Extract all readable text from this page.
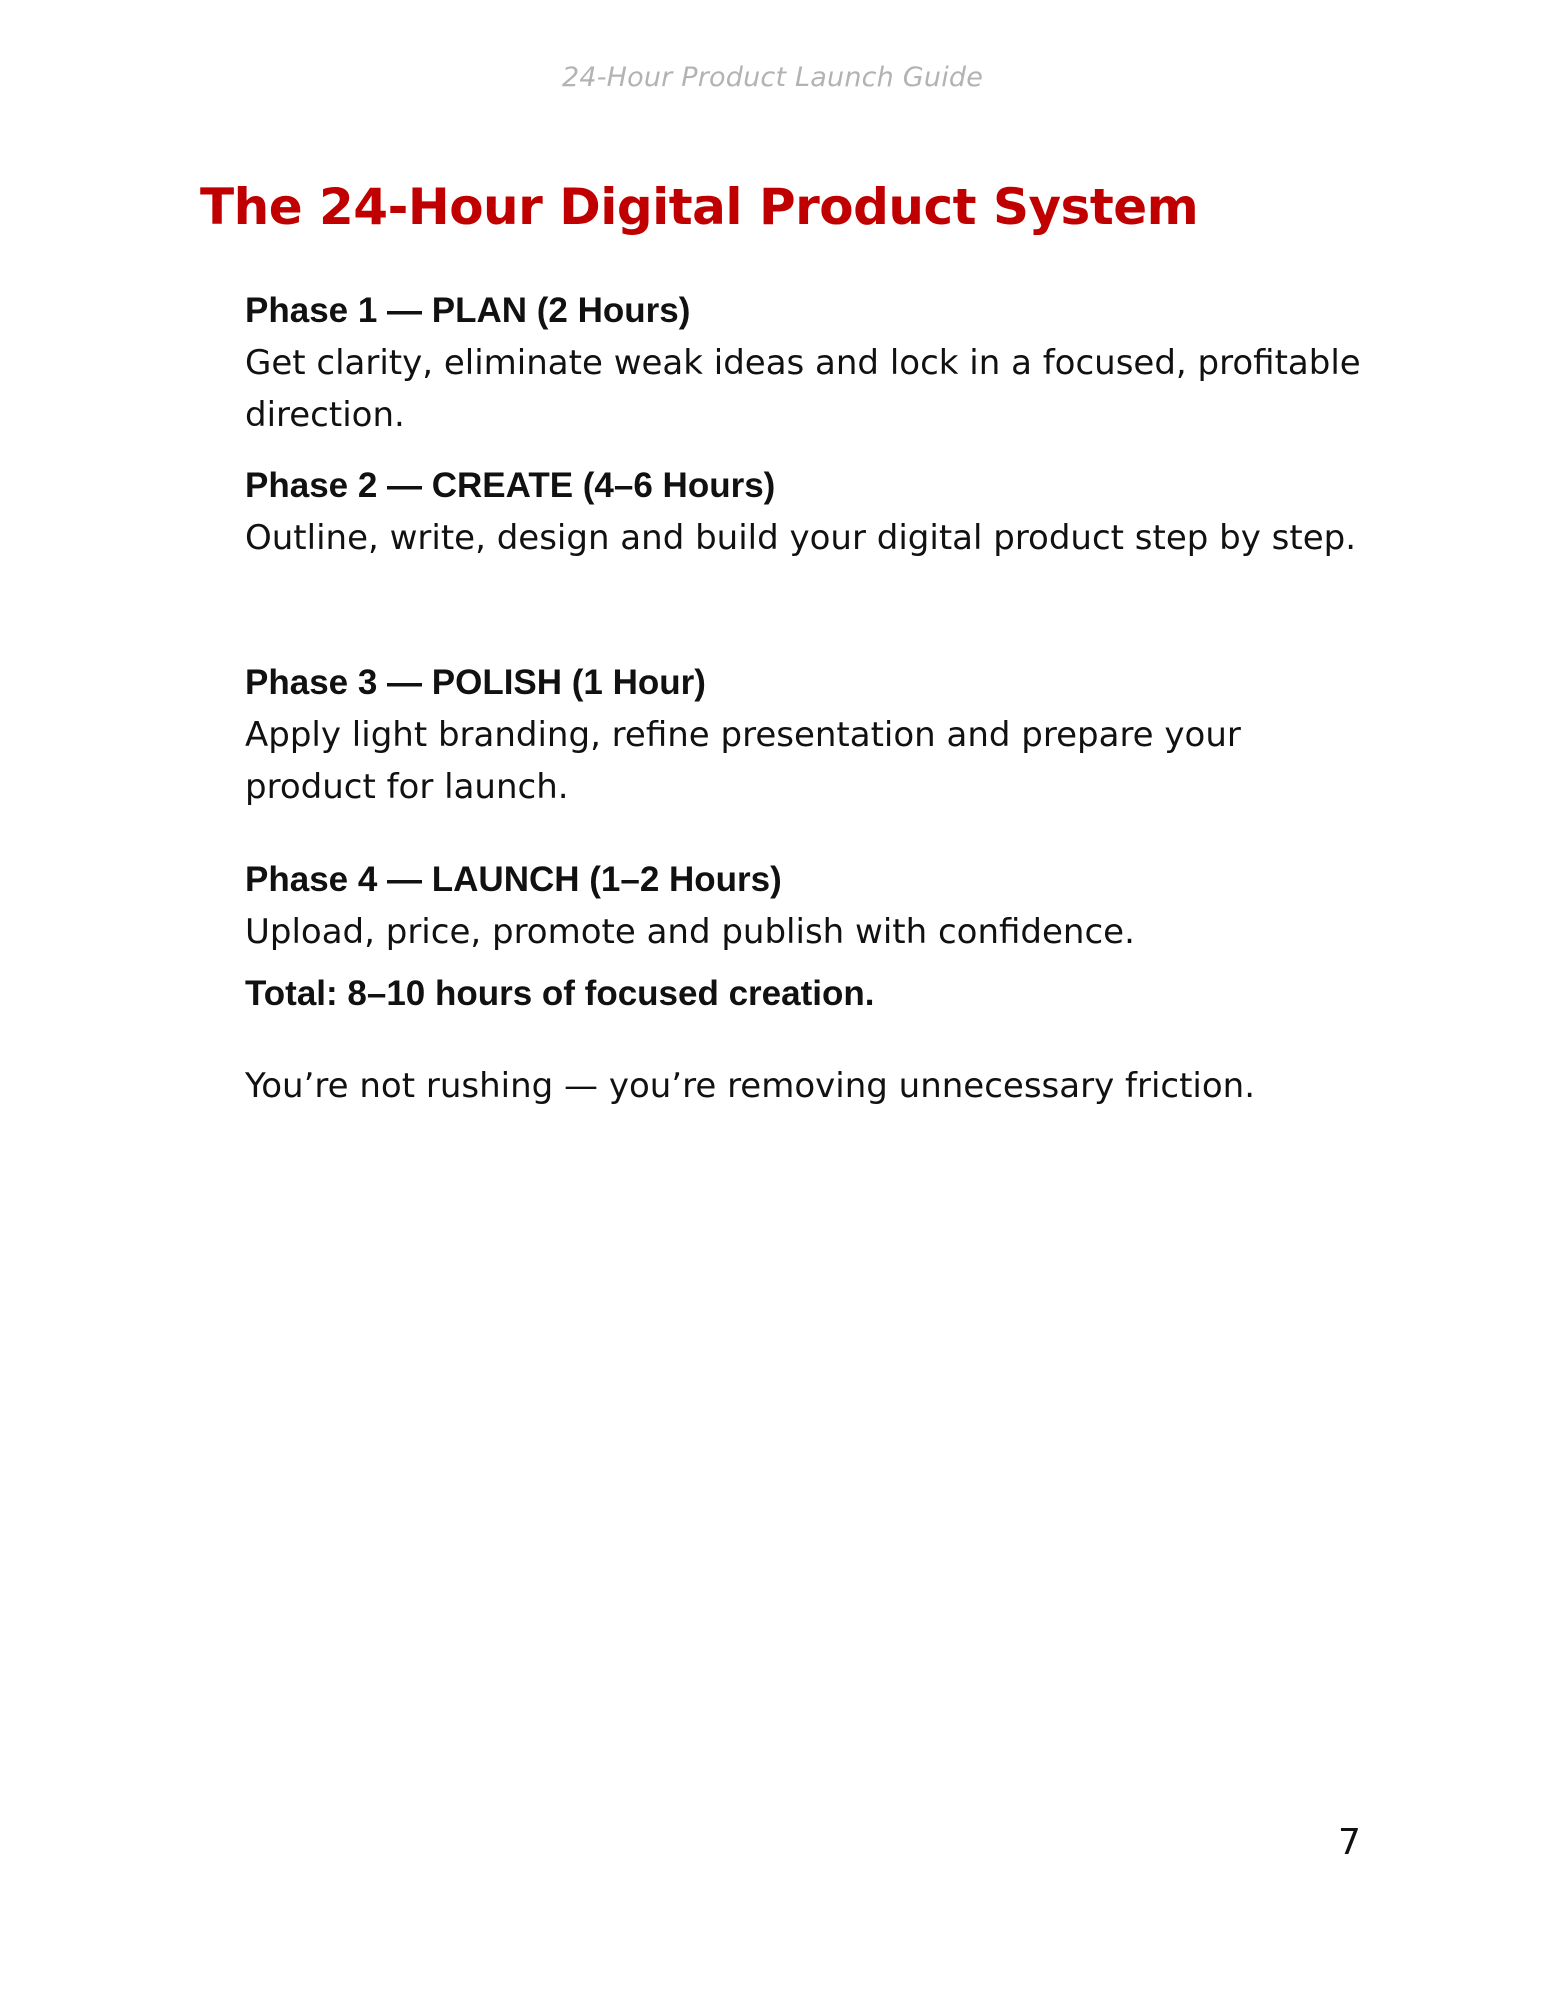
24-Hour Product Launch Guide
The 24-Hour Digital Product System
Phase 1 — PLAN (2 Hours)
Get clarity, eliminate weak ideas and lock in a focused, profitable direction.
Phase 2 — CREATE (4–6 Hours)
Outline, write, design and build your digital product step by step.
Phase 3 — POLISH (1 Hour)
Apply light branding, refine presentation and prepare your product for launch.
Phase 4 — LAUNCH (1–2 Hours)
Upload, price, promote and publish with confidence.
Total: 8–10 hours of focused creation.
You’re not rushing — you’re removing unnecessary friction.
7
